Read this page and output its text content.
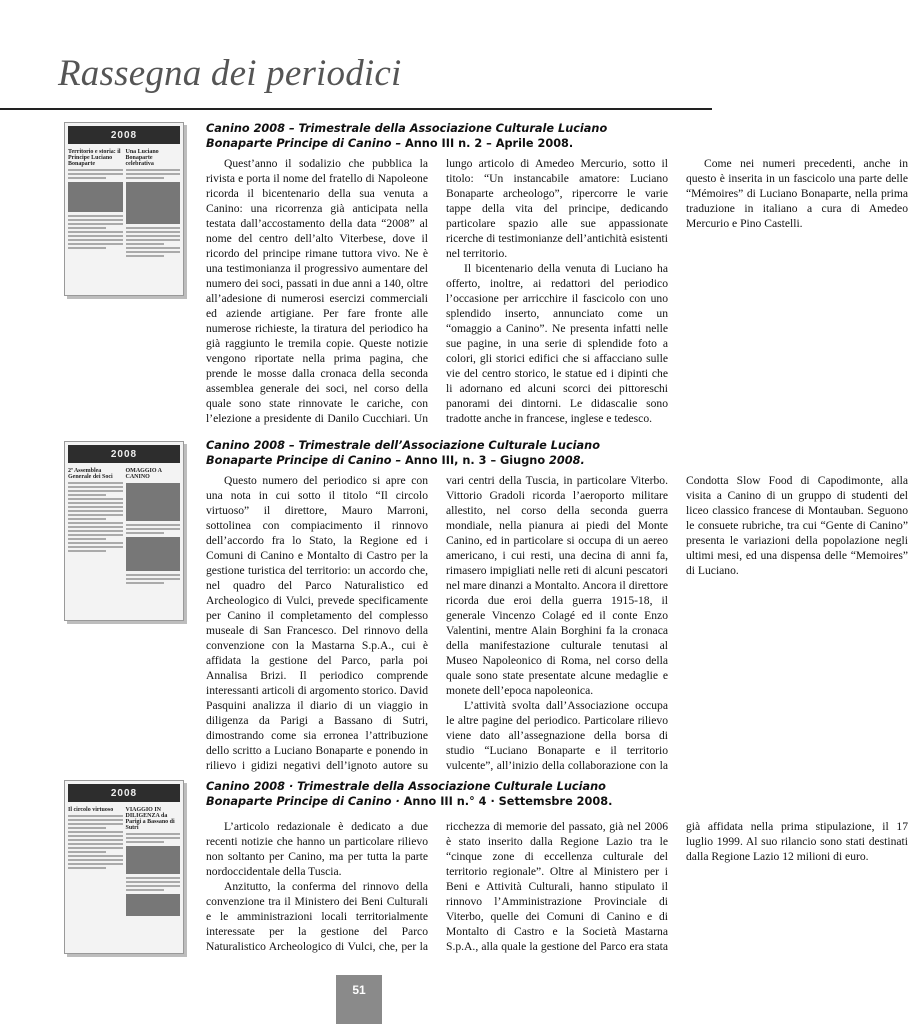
Rassegna dei periodici
2008
Territorio e storia: il Principe Luciano Bonaparte
Una Luciano Bonaparte celebrativa
Canino 2008 – Trimestrale della Associazione Culturale Luciano Bonaparte Principe di Canino – Anno III n. 2 – Aprile 2008.

Quest’anno il sodalizio che pubblica la rivista e porta il nome del fratello di Napoleone ricorda il bicentenario della sua venuta a Canino: una ricorrenza già anticipata nella testata dall’accostamento della data “2008” al nome del centro dell’alto Viterbese, dove il ricordo del principe rimane tuttora vivo. Ne è una testimonianza il progressivo aumentare del numero dei soci, passati in due anni a 140, oltre all’adesione di numerosi esercizi commerciali ed aziende artigiane. Per fare fronte alle numerose richieste, la tiratura del periodico ha già raggiunto le tremila copie. Queste notizie vengono riportate nella prima pagina, che prende le mosse dalla cronaca della seconda assemblea generale dei soci, nel corso della quale sono state rinnovate le cariche, con l’elezione a presidente di Danilo Cucchiari. Un lungo articolo di Amedeo Mercurio, sotto il titolo: “Un instancabile amatore: Luciano Bonaparte archeologo”, ripercorre le varie tappe della vita del principe, dedicando particolare spazio alle sue appassionate ricerche di testimonianze dell’antichità esistenti nel territorio.

Il bicentenario della venuta di Luciano ha offerto, inoltre, ai redattori del periodico l’occasione per arricchire il fascicolo con uno splendido inserto, annunciato come un “omaggio a Canino”. Ne presenta infatti nelle sue pagine, in una serie di splendide foto a colori, gli storici edifici che si affacciano sulle vie del centro storico, le statue ed i dipinti che li adornano ed alcuni scorci dei pittoreschi panorami dei dintorni. Le didascalie sono tradotte anche in francese, inglese e tedesco.

Come nei numeri precedenti, anche in questo è inserita in un fascicolo una parte delle “Mémoires” di Luciano Bonaparte, nella prima traduzione in italiano a cura di Amedeo Mercurio e Pino Castelli.

2008
2ª Assemblea Generale dei Soci
OMAGGIO A CANINO
Canino 2008 – Trimestrale dell’Associazione Culturale Luciano Bonaparte Principe di Canino – Anno III, n. 3 – Giugno 2008.

Questo numero del periodico si apre con una nota in cui sotto il titolo “Il circolo virtuoso” il direttore, Mauro Marroni, sottolinea con compiacimento il rinnovo dell’accordo fra lo Stato, la Regione ed i Comuni di Canino e Montalto di Castro per la gestione turistica del territorio: un accordo che, nel quadro del Parco Naturalistico ed Archeologico di Vulci, prevede specificamente per Canino il completamento del complesso museale di San Francesco. Del rinnovo della convenzione con la Mastarna S.p.A., cui è affidata la gestione del Parco, parla poi Annalisa Brizi. Il periodico comprende interessanti articoli di argomento storico. David Pasquini analizza il diario di un viaggio in diligenza da Parigi a Bassano di Sutri, dimostrando come sia erronea l’attribuzione dello scritto a Luciano Bonaparte e ponendo in rilievo i gidizi negativi dell’ignoto autore su vari centri della Tuscia, in particolare Viterbo. Vittorio Gradoli ricorda l’aeroporto militare allestito, nel corso della seconda guerra mondiale, nella pianura ai piedi del Monte Canino, ed in particolare si occupa di un aereo americano, i cui resti, una decina di anni fa, rimasero impigliati nelle reti di alcuni pescatori nel mare dinanzi a Montalto. Ancora il direttore ricorda due eroi della guerra 1915-18, il generale Vincenzo Colagé ed il conte Enzo Valentini, mentre Alain Borghini fa la cronaca della manifestazione culturale tenutasi al Museo Napoleonico di Roma, nel corso della quale sono state presentate alcune medaglie e monete dell’epoca napoleonica.

L’attività svolta dall’Associazione occupa le altre pagine del periodico. Particolare rilievo viene dato all’assegnazione della borsa di studio “Luciano Bonaparte e il territorio vulcente”, all’inizio della collaborazione con la Condotta Slow Food di Capodimonte, alla visita a Canino di un gruppo di studenti del liceo classico francese di Montauban. Seguono le consuete rubriche, tra cui “Gente di Canino” presenta le variazioni della popolazione negli ultimi mesi, ed una dispensa delle “Memoires” di Luciano.

2008
Il circolo virtuoso	VIAGGIO IN DILIGENZA da Parigi a Bassano di Sutri
Canino 2008 · Trimestrale della Associazione Culturale Luciano Bonaparte Principe di Canino · Anno III n.° 4 · Settemsbre 2008.

L’articolo redazionale è dedicato a due recenti notizie che hanno un particolare rilievo non soltanto per Canino, ma per tutta la parte nordoccidentale della Tuscia.

Anzitutto, la conferma del rinnovo della convenzione tra il Ministero dei Beni Culturali e le amministrazioni locali territorialmente interessate per la gestione del Parco Naturalistico Archeologico di Vulci, che, per la ricchezza di memorie del passato, già nel 2006 è stato inserito dalla Regione Lazio tra le “cinque zone di eccellenza culturale del territorio regionale”. Oltre al Ministero per i Beni e Attività Culturali, hanno stipulato il rinnovo l’Amministrazione Provinciale di Viterbo, quelle dei Comuni di Canino e di Montalto di Castro e la Società Mastarna S.p.A., alla quale la gestione del Parco era stata già affidata nella prima stipulazione, il 17 luglio 1999. Al suo rilancio sono stati destinati dalla Regione Lazio 12 milioni di euro.

51
